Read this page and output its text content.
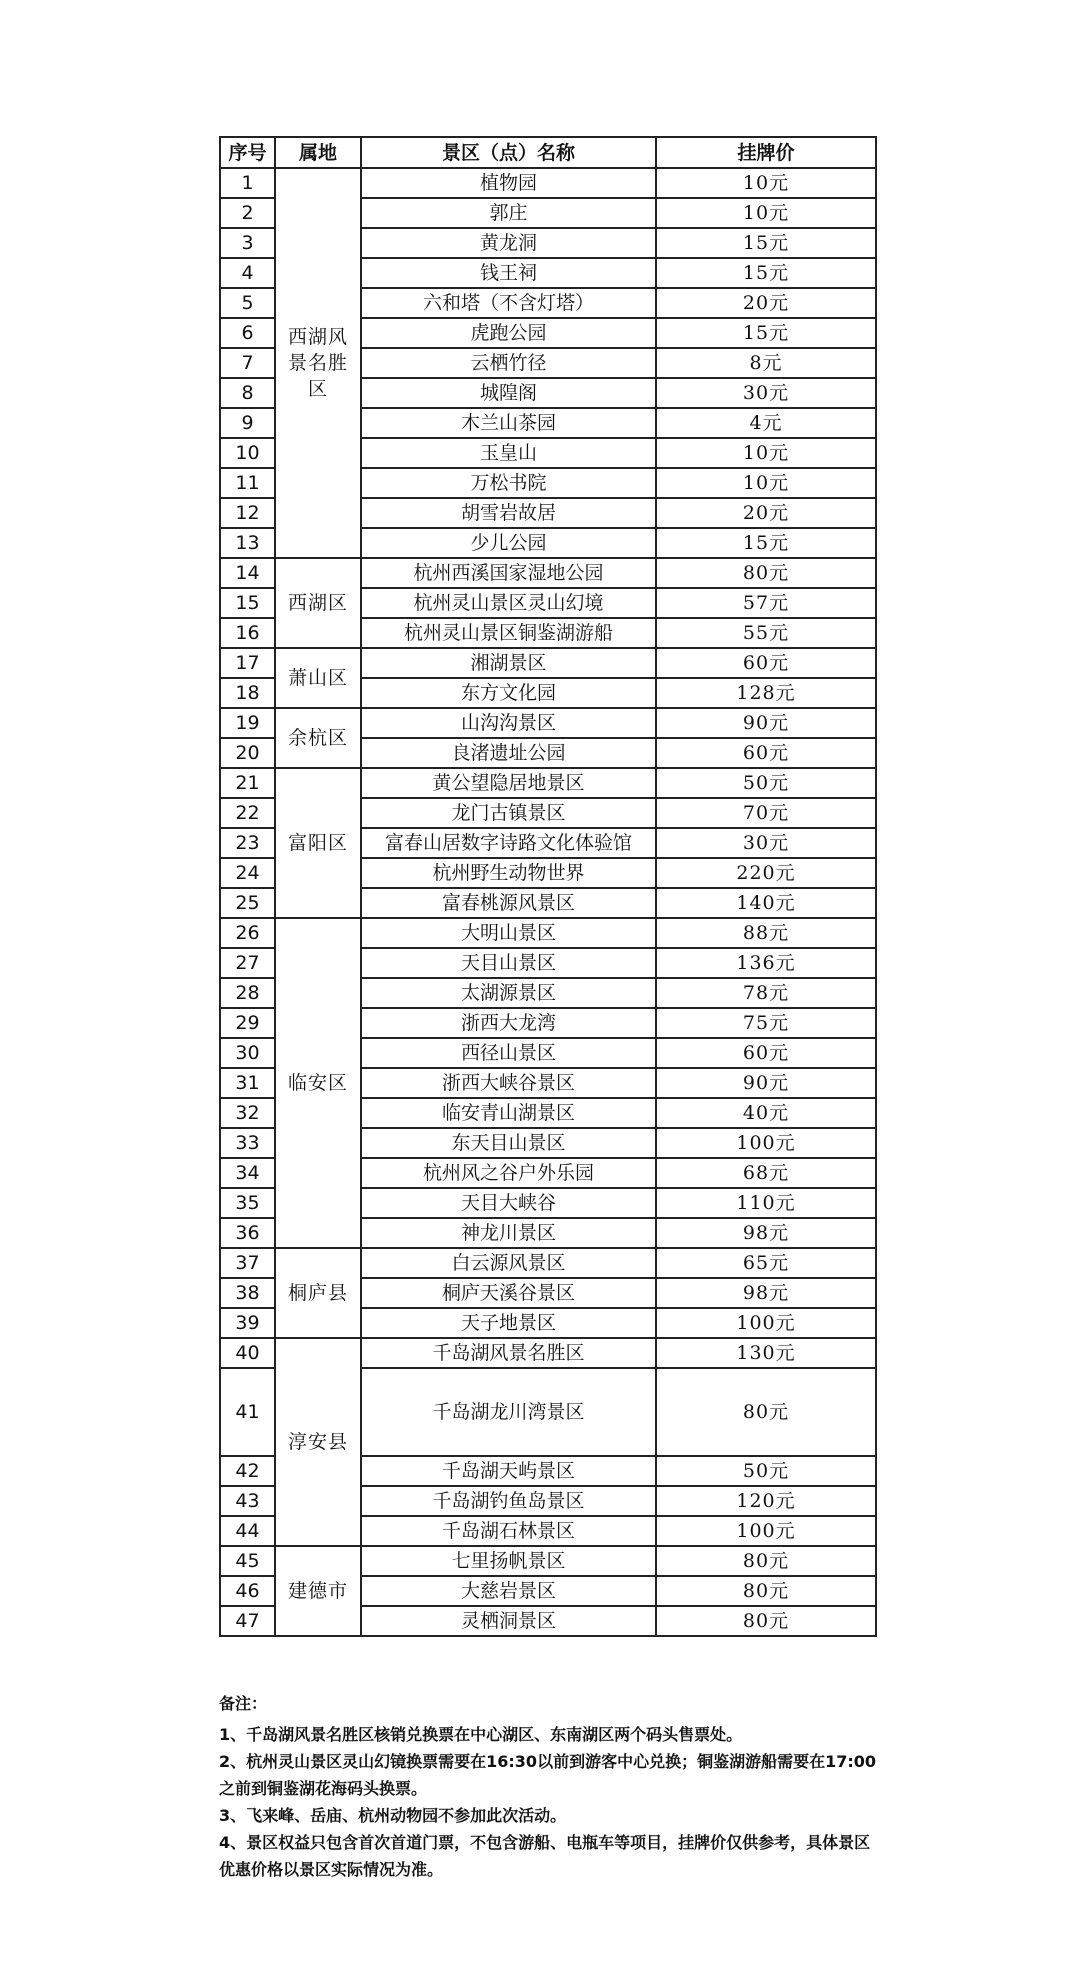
序号	属地	景区（点）名称	挂牌价
1	西湖风景名胜区	植物园	10元
2		郭庄	10元
3		黄龙洞	15元
4		钱王祠	15元
5		六和塔（不含灯塔）	20元
6		虎跑公园	15元
7		云栖竹径	8元
8		城隍阁	30元
9		木兰山茶园	4元
10		玉皇山	10元
11		万松书院	10元
12		胡雪岩故居	20元
13		少儿公园	15元
14	西湖区	杭州西溪国家湿地公园	80元
15		杭州灵山景区灵山幻境	57元
16		杭州灵山景区铜鉴湖游船	55元
17	萧山区	湘湖景区	60元
18		东方文化园	128元
19	余杭区	山沟沟景区	90元
20		良渚遗址公园	60元
21	富阳区	黄公望隐居地景区	50元
22		龙门古镇景区	70元
23		富春山居数字诗路文化体验馆	30元
24		杭州野生动物世界	220元
25		富春桃源风景区	140元
26	临安区	大明山景区	88元
27		天目山景区	136元
28		太湖源景区	78元
29		浙西大龙湾	75元
30		西径山景区	60元
31		浙西大峡谷景区	90元
32		临安青山湖景区	40元
33		东天目山景区	100元
34		杭州风之谷户外乐园	68元
35		天目大峡谷	110元
36		神龙川景区	98元
37	桐庐县	白云源风景区	65元
38		桐庐天溪谷景区	98元
39		天子地景区	100元
40	淳安县	千岛湖风景名胜区	130元
41		千岛湖龙川湾景区	80元
42		千岛湖天屿景区	50元
43		千岛湖钓鱼岛景区	120元
44		千岛湖石林景区	100元
45	建德市	七里扬帆景区	80元
46		大慈岩景区	80元
47		灵栖洞景区	80元

备注：

1、千岛湖风景名胜区核销兑换票在中心湖区、东南湖区两个码头售票处。

2、杭州灵山景区灵山幻镜换票需要在16:30以前到游客中心兑换；铜鉴湖游船需要在17:00之前到铜鉴湖花海码头换票。

3、飞来峰、岳庙、杭州动物园不参加此次活动。

4、景区权益只包含首次首道门票，不包含游船、电瓶车等项目，挂牌价仅供参考，具体景区优惠价格以景区实际情况为准。
